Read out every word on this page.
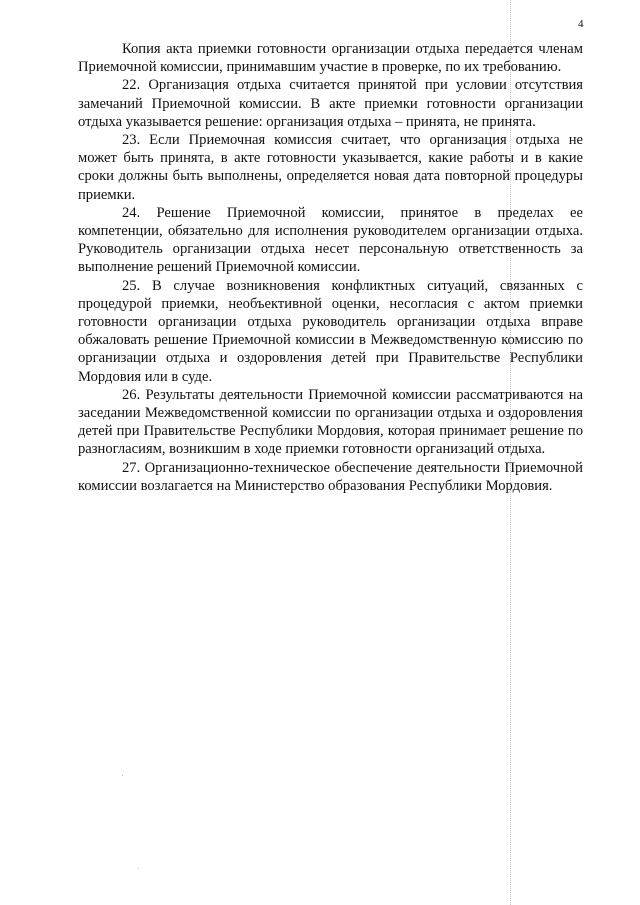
4

Копия акта приемки готовности организации отдыха передается членам Приемочной комиссии, принимавшим участие в проверке, по их требованию.

22. Организация отдыха считается принятой при условии отсутствия замечаний Приемочной комиссии. В акте приемки готовности организации отдыха указывается решение: организация отдыха – принята, не принята.

23. Если Приемочная комиссия считает, что организация отдыха не может быть принята, в акте готовности указывается, какие работы и в какие сроки должны быть выполнены, определяется новая дата повторной процедуры приемки.

24. Решение Приемочной комиссии, принятое в пределах ее компетенции, обязательно для исполнения руководителем организации отдыха. Руководитель организации отдыха несет персональную ответственность за выполнение решений Приемочной комиссии.

25. В случае возникновения конфликтных ситуаций, связанных с процедурой приемки, необъективной оценки, несогласия с актом приемки готовности организации отдыха руководитель организации отдыха вправе обжаловать решение Приемочной комиссии в Межведомственную комиссию по организации отдыха и оздоровления детей при Правительстве Республики Мордовия или в суде.

26. Результаты деятельности Приемочной комиссии рассматриваются на заседании Межведомственной комиссии по организации отдыха и оздоровления детей при Правительстве Республики Мордовия, которая принимает решение по разногласиям, возникшим в ходе приемки готовности организаций отдыха.

27. Организационно-техническое обеспечение деятельности Приемочной комиссии возлагается на Министерство образования Республики Мордовия.
